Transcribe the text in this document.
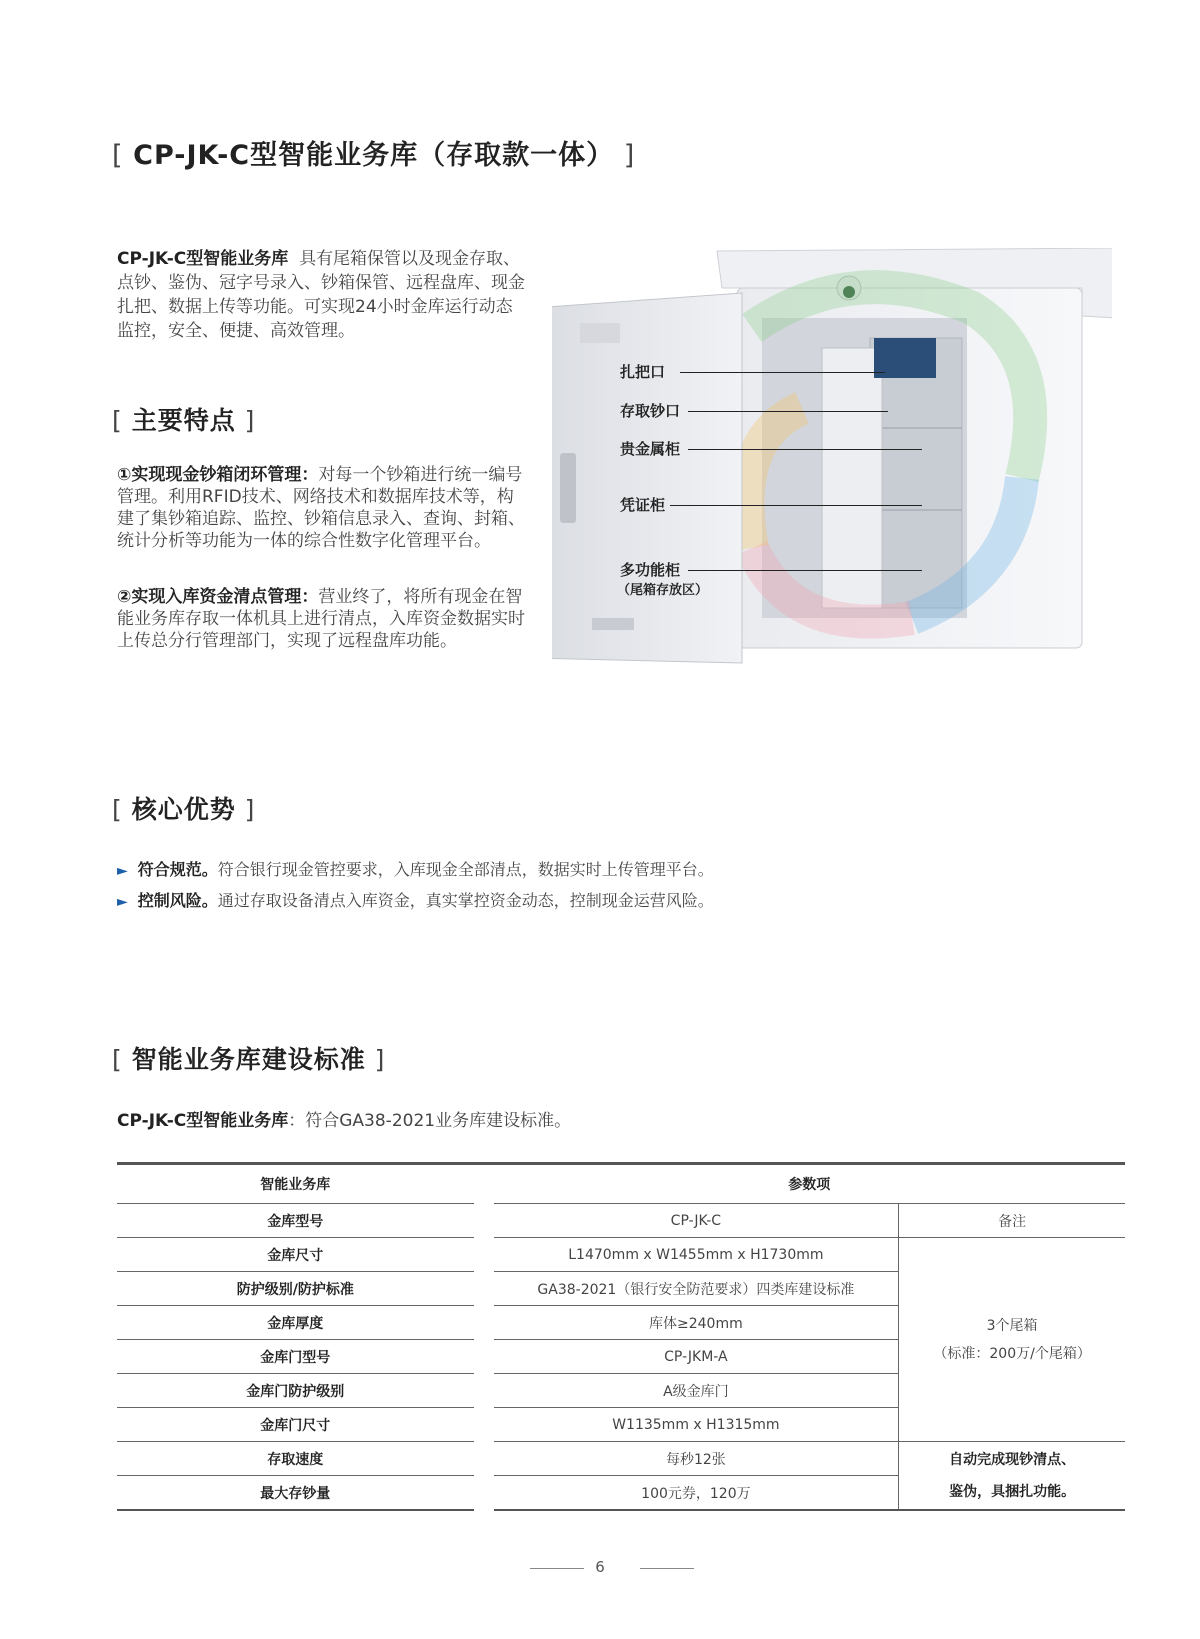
[ CP-JK-C型智能业务库（存取款一体） ]
CP-JK-C型智能业务库 具有尾箱保管以及现金存取、点钞、鉴伪、冠字号录入、钞箱保管、远程盘库、现金扎把、数据上传等功能。可实现24小时金库运行动态监控，安全、便捷、高效管理。
[ 主要特点 ]
①实现现金钞箱闭环管理：对每一个钞箱进行统一编号管理。利用RFID技术、网络技术和数据库技术等，构建了集钞箱追踪、监控、钞箱信息录入、查询、封箱、统计分析等功能为一体的综合性数字化管理平台。
②实现入库资金清点管理：营业终了，将所有现金在智能业务库存取一体机具上进行清点，入库资金数据实时上传总分行管理部门，实现了远程盘库功能。
扎把口
存取钞口
贵金属柜
凭证柜
多功能柜
（尾箱存放区）
[ 核心优势 ]
► 符合规范。符合银行现金管控要求，入库现金全部清点，数据实时上传管理平台。
► 控制风险。通过存取设备清点入库资金，真实掌控资金动态，控制现金运营风险。
[ 智能业务库建设标准 ]
CP-JK-C型智能业务库：符合GA38-2021业务库建设标准。
智能业务库		参数项	
金库型号		CP-JK-C	备注
金库尺寸		L1470mm x W1455mm x H1730mm	3个尾箱
（标准：200万/个尾箱）

防护级别/防护标准		GA38-2021（银行安全防范要求）四类库建设标准	
金库厚度		库体≥240mm	
金库门型号		CP-JKM-A	
金库门防护级别		A级金库门	
金库门尺寸		W1135mm x H1315mm	
存取速度		每秒12张	自动完成现钞清点、
鉴伪，具捆扎功能。

最大存钞量		100元券，120万	
6
